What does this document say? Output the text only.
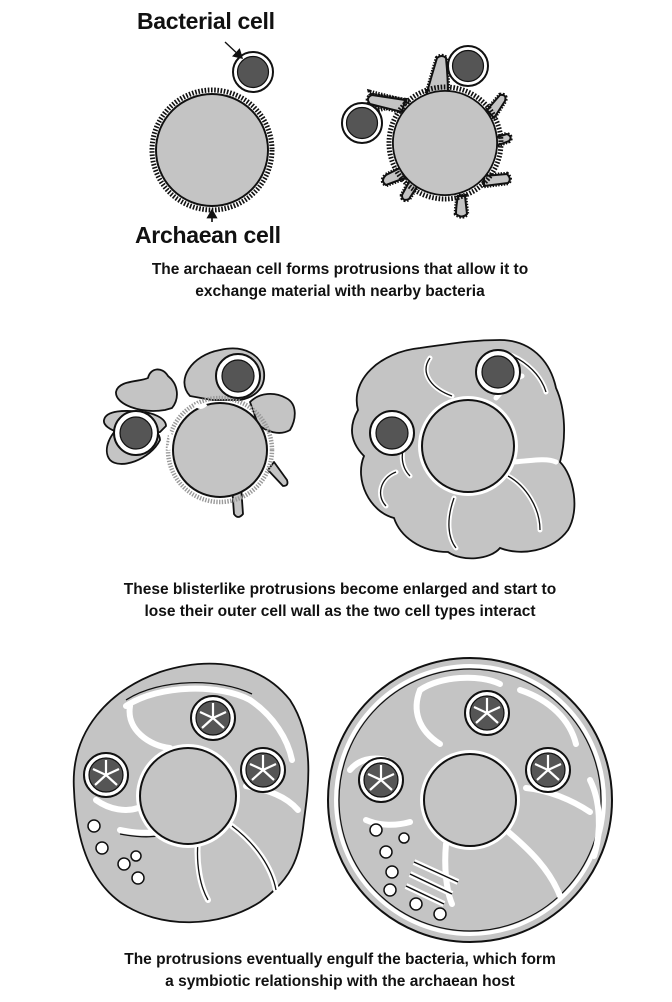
Bacterial cell
Archaean cell
The archaean cell forms protrusions that allow it to
exchange material with nearby bacteria
These blisterlike protrusions become enlarged and start to
lose their outer cell wall as the two cell types interact
The protrusions eventually engulf the bacteria, which form
a symbiotic relationship with the archaean host
